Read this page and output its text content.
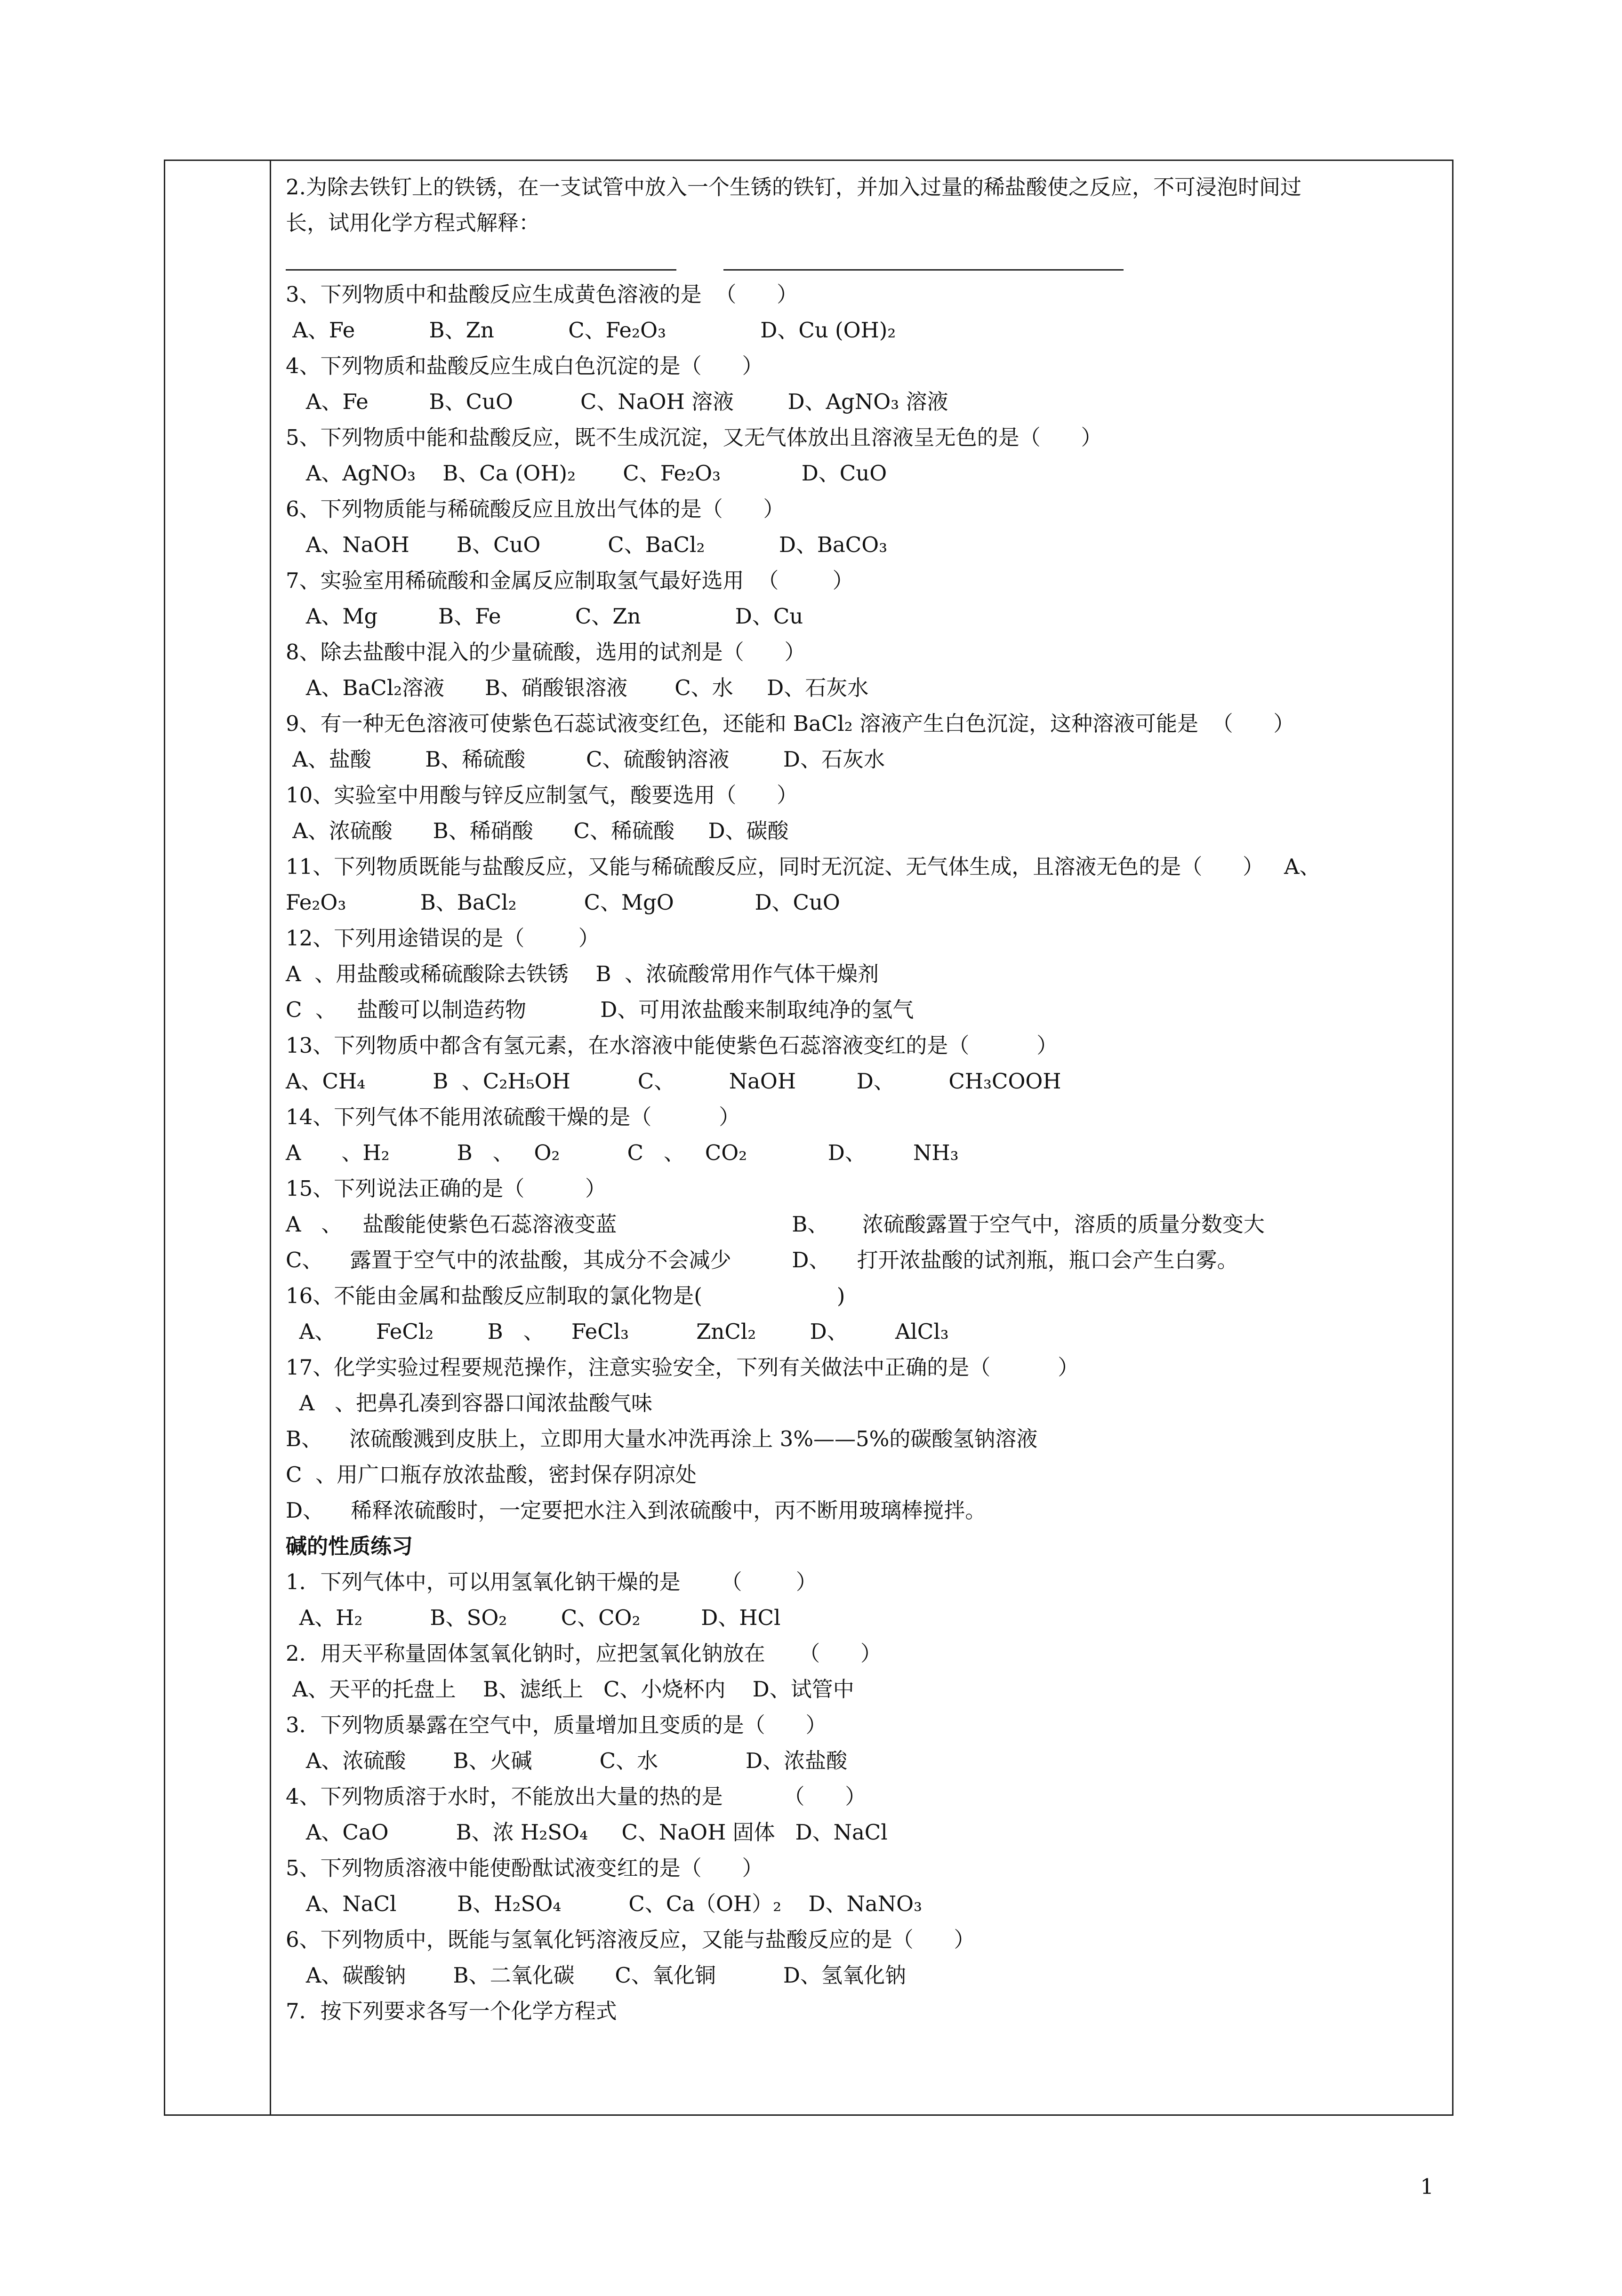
2.为除去铁钉上的铁锈，在一支试管中放入一个生锈的铁钉，并加入过量的稀盐酸使之反应，不可浸泡时间过
长，试用化学方程式解释：
3、下列物质中和盐酸反应生成黄色溶液的是  （      ）
A、Fe           B、Zn           C、Fe₂O₃              D、Cu (OH)₂
4、下列物质和盐酸反应生成白色沉淀的是（      ）
A、Fe         B、CuO          C、NaOH 溶液        D、AgNO₃ 溶液
5、下列物质中能和盐酸反应，既不生成沉淀，又无气体放出且溶液呈无色的是（      ）
A、AgNO₃    B、Ca (OH)₂       C、Fe₂O₃            D、CuO
6、下列物质能与稀硫酸反应且放出气体的是（      ）
A、NaOH       B、CuO          C、BaCl₂           D、BaCO₃
7、实验室用稀硫酸和金属反应制取氢气最好选用  （        ）
A、Mg         B、Fe           C、Zn              D、Cu
8、除去盐酸中混入的少量硫酸，选用的试剂是（      ）
A、BaCl₂溶液      B、硝酸银溶液       C、水     D、石灰水
9、有一种无色溶液可使紫色石蕊试液变红色，还能和 BaCl₂ 溶液产生白色沉淀，这种溶液可能是  （      ）
A、盐酸        B、稀硫酸         C、硫酸钠溶液        D、石灰水
10、实验室中用酸与锌反应制氢气，酸要选用（      ）
A、浓硫酸      B、稀硝酸      C、稀硫酸     D、碳酸
11、下列物质既能与盐酸反应，又能与稀硫酸反应，同时无沉淀、无气体生成，且溶液无色的是（      ）   A、
Fe₂O₃           B、BaCl₂          C、MgO            D、CuO
12、下列用途错误的是（        ）
A  、用盐酸或稀硫酸除去铁锈    B  、浓硫酸常用作气体干燥剂
C  、   盐酸可以制造药物           D、可用浓盐酸来制取纯净的氢气
13、下列物质中都含有氢元素，在水溶液中能使紫色石蕊溶液变红的是（          ）
A、CH₄          B  、C₂H₅OH          C、        NaOH         D、        CH₃COOH
14、下列气体不能用浓硫酸干燥的是（          ）
A      、H₂          B   、   O₂          C   、   CO₂            D、       NH₃
15、下列说法正确的是（         ）
A   、   盐酸能使紫色石蕊溶液变蓝                          B、     浓硫酸露置于空气中，溶质的质量分数变大
C、    露置于空气中的浓盐酸，其成分不会减少         D、    打开浓盐酸的试剂瓶，瓶口会产生白雾。
16、不能由金属和盐酸反应制取的氯化物是(                    )
A、      FeCl₂        B   、    FeCl₃          ZnCl₂        D、       AlCl₃
17、化学实验过程要规范操作，注意实验安全，下列有关做法中正确的是（          ）
A   、把鼻孔凑到容器口闻浓盐酸气味
B、    浓硫酸溅到皮肤上，立即用大量水冲洗再涂上 3%——5%的碳酸氢钠溶液
C  、用广口瓶存放浓盐酸，密封保存阴凉处
D、    稀释浓硫酸时，一定要把水注入到浓硫酸中，丙不断用玻璃棒搅拌。
碱的性质练习
1．下列气体中，可以用氢氧化钠干燥的是      （        ）
A、H₂          B、SO₂        C、CO₂         D、HCl
2．用天平称量固体氢氧化钠时，应把氢氧化钠放在     （      ）
A、天平的托盘上    B、滤纸上   C、小烧杯内    D、试管中
3．下列物质暴露在空气中，质量增加且变质的是（      ）
A、浓硫酸       B、火碱          C、水             D、浓盐酸
4、下列物质溶于水时，不能放出大量的热的是         （      ）
A、CaO          B、浓 H₂SO₄     C、NaOH 固体   D、NaCl
5、下列物质溶液中能使酚酞试液变红的是（      ）
A、NaCl         B、H₂SO₄          C、Ca（OH）₂    D、NaNO₃
6、下列物质中，既能与氢氧化钙溶液反应，又能与盐酸反应的是（      ）
A、碳酸钠       B、二氧化碳      C、氧化铜          D、氢氧化钠
7．按下列要求各写一个化学方程式
1
